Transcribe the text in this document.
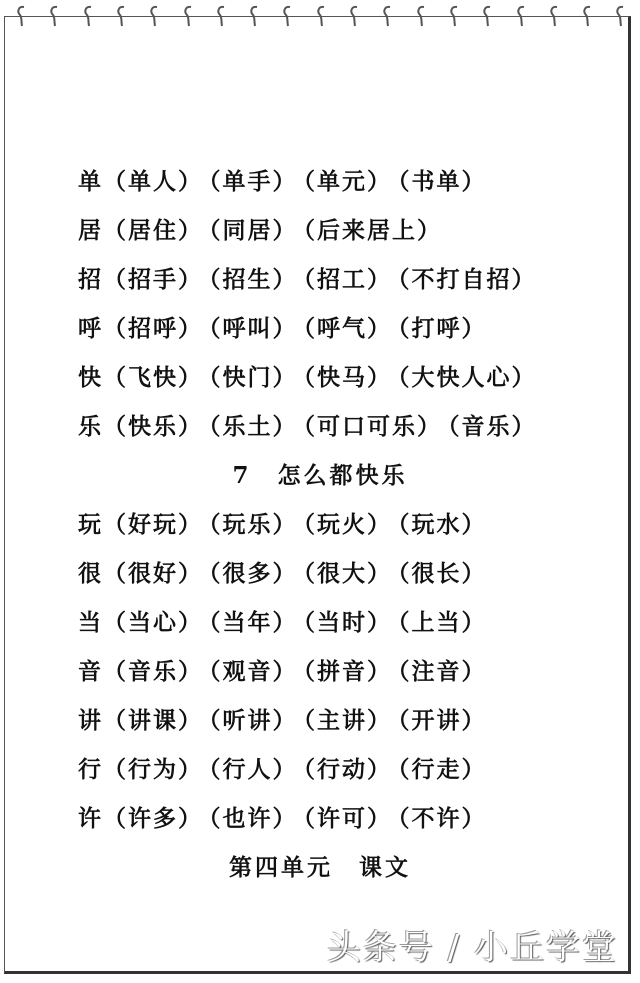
单（单人） （单手） （单元） （书单）
居（居住） （同居） （后来居上）
招（招手） （招生） （招工） （不打自招）
呼（招呼） （呼叫） （呼气） （打呼）
快（飞快） （快门） （快马） （大快人心）
乐（快乐） （乐土） （可口可乐） （音乐）
7　怎么都快乐
玩（好玩） （玩乐） （玩火） （玩水）
很（很好） （很多） （很大） （很长）
当（当心） （当年） （当时） （上当）
音（音乐） （观音） （拼音） （注音）
讲（讲课） （听讲） （主讲） （开讲）
行（行为） （行人） （行动） （行走）
许（许多） （也许） （许可） （不许）
第四单元　课文
头条号 / 小丘学堂
